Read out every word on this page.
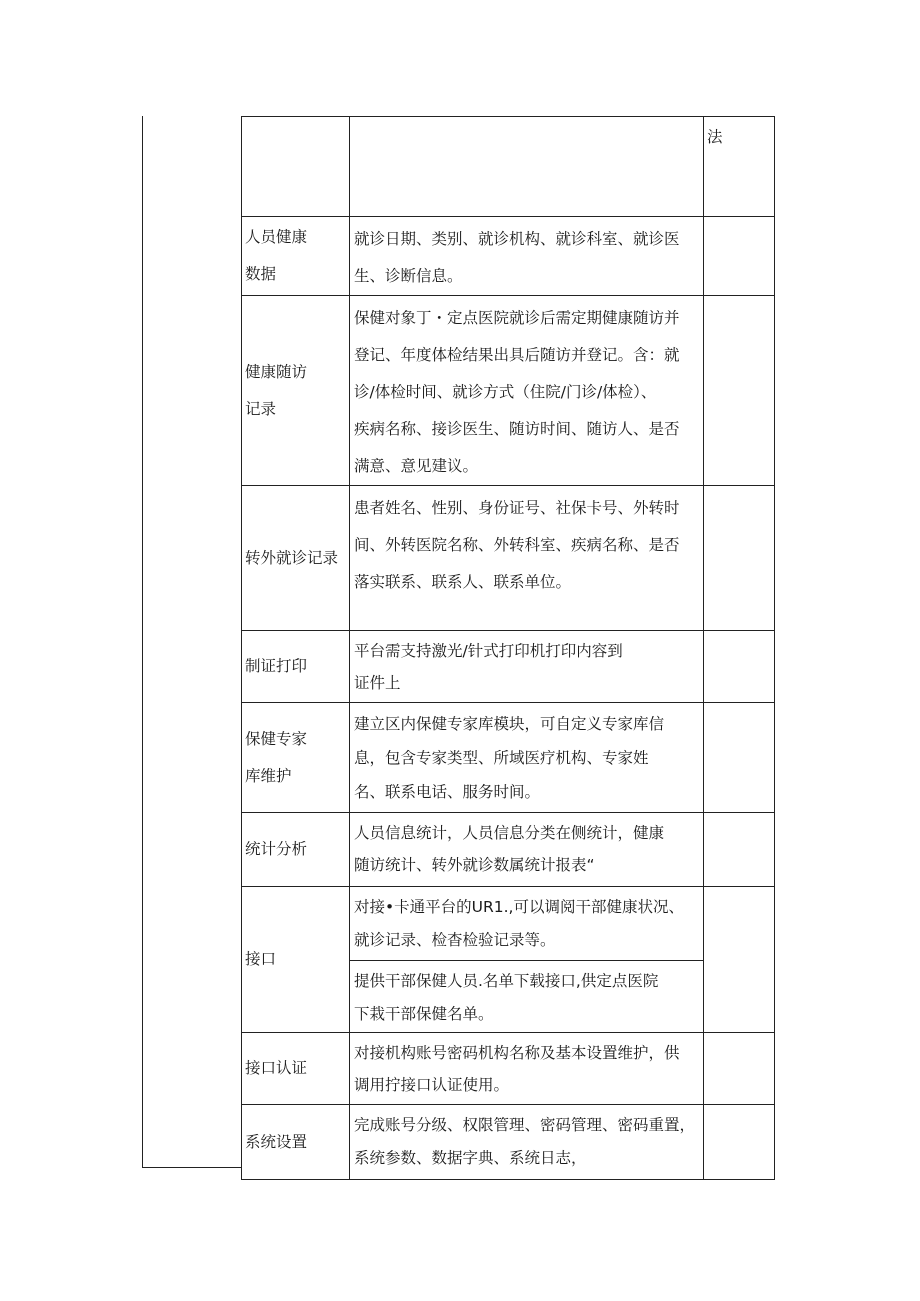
		法

人员健康
数据	就诊日期、类别、就诊机构、就诊科室、就诊医
生、诊断信息。	

健康随访
记录	保健对象丁・定点医院就诊后需定期健康随访并
登记、年度体检结果出具后随访并登记。含：就
诊/体检时间、就诊方式（住院/门诊/体检）、
疾病名称、接诊医生、随访时间、随访人、是否
满意、意见建议。	

转外就诊记录	患者姓名、性别、身份证号、社保卡号、外转时
间、外转医院名称、外转科室、疾病名称、是否
落实联系、联系人、联系单位。	

制证打印	平台需支持激光/针式打印机打印内容到
证件上	

保健专家
库维护	建立区内保健专家库模块，可自定义专家库信
息，包含专家类型、所域医疗机构、专家姓
名、联系电话、服务时间。	

统计分析	人员信息统计，人员信息分类在侧统计，健康
随访统计、转外就诊数属统计报表“	

接口	对接•卡通平台的UR1.,可以调阅干部健康状况、
就诊记录、检杳检验记录等。	

	提供干部保健人员.名单下载接口,供定点医院
下栽干部保健名单。	

接口认证	对接机构账号密码机构名称及基本设置维护，供
调用拧接口认证使用。	

系统设置	完成账号分级、权限管理、密码管理、密码重置，
系统参数、数据字典、系统日志，	
